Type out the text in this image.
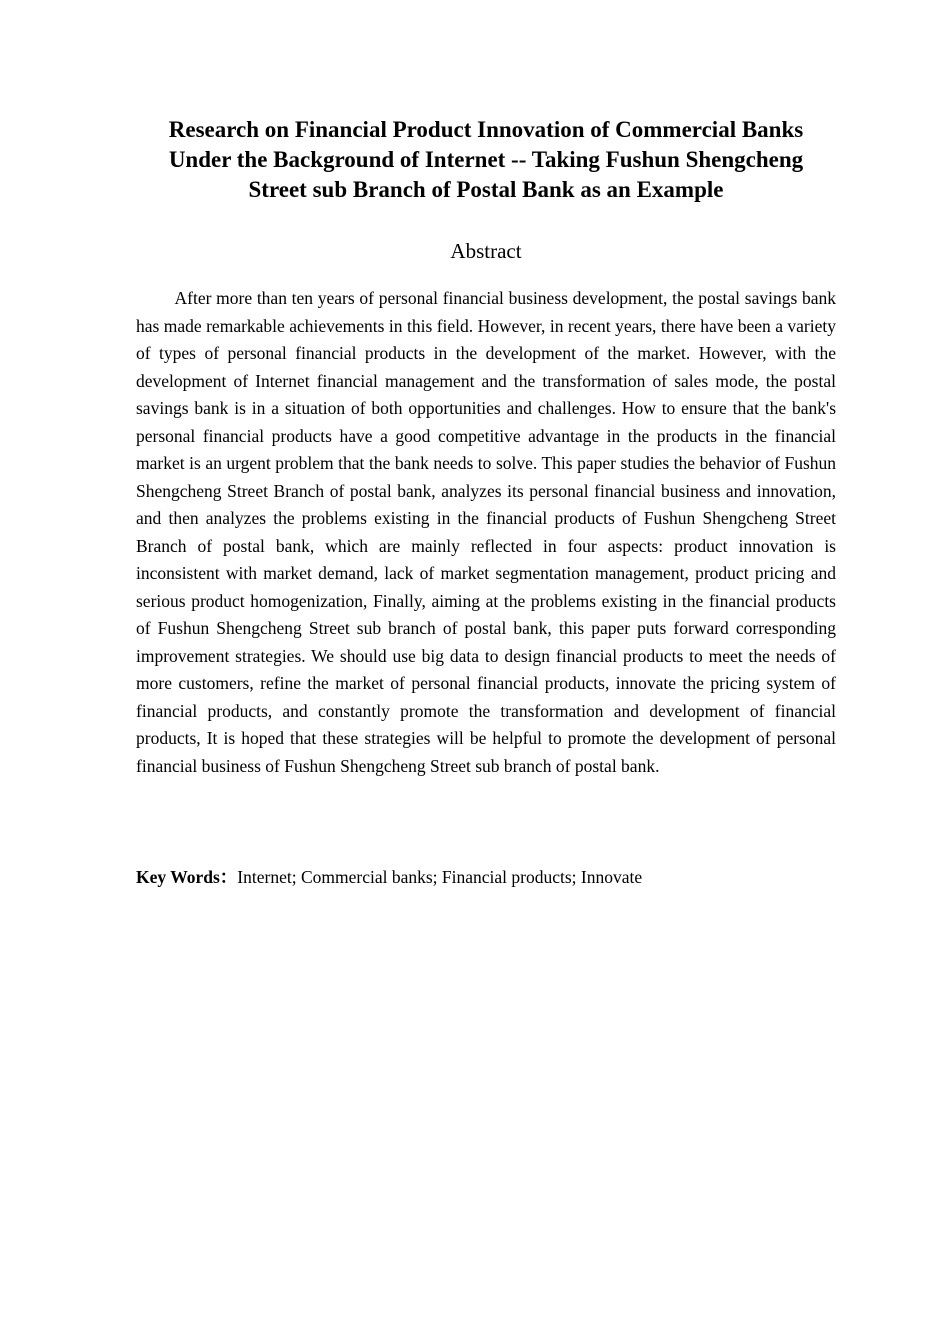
Research on Financial Product Innovation of Commercial Banks Under the Background of Internet -- Taking Fushun Shengcheng Street sub Branch of Postal Bank as an Example
Abstract

After more than ten years of personal financial business development, the postal savings bank has made remarkable achievements in this field. However, in recent years, there have been a variety of types of personal financial products in the development of the market. However, with the development of Internet financial management and the transformation of sales mode, the postal savings bank is in a situation of both opportunities and challenges. How to ensure that the bank's personal financial products have a good competitive advantage in the products in the financial market is an urgent problem that the bank needs to solve. This paper studies the behavior of Fushun Shengcheng Street Branch of postal bank, analyzes its personal financial business and innovation, and then analyzes the problems existing in the financial products of Fushun Shengcheng Street Branch of postal bank, which are mainly reflected in four aspects: product innovation is inconsistent with market demand, lack of market segmentation management, product pricing and serious product homogenization, Finally, aiming at the problems existing in the financial products of Fushun Shengcheng Street sub branch of postal bank, this paper puts forward corresponding improvement strategies. We should use big data to design financial products to meet the needs of more customers, refine the market of personal financial products, innovate the pricing system of financial products, and constantly promote the transformation and development of financial products, It is hoped that these strategies will be helpful to promote the development of personal financial business of Fushun Shengcheng Street sub branch of postal bank.

Key Words：Internet; Commercial banks; Financial products; Innovate
